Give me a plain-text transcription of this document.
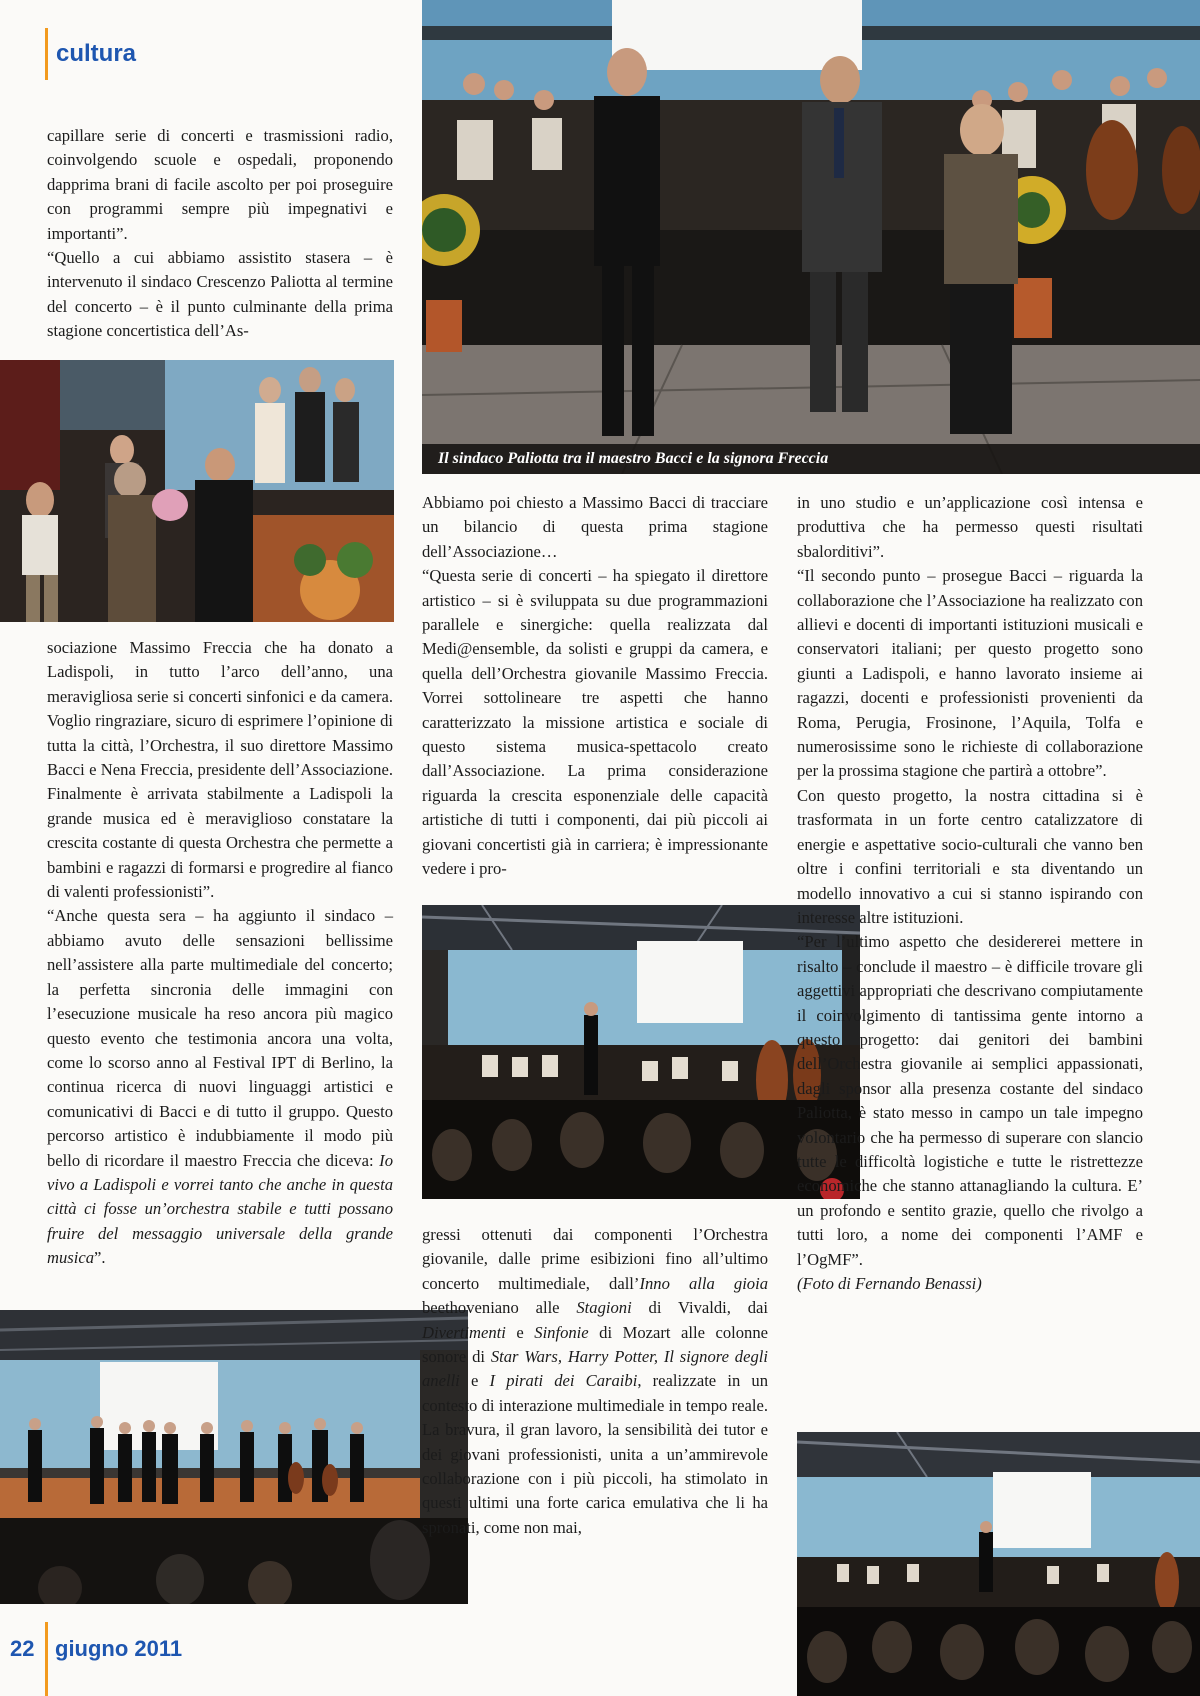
cultura

capillare serie di concerti e trasmissioni radio, coinvolgendo scuole e ospedali, proponendo dapprima brani di facile ascolto per poi proseguire con programmi sempre più impegnativi e importanti”.

“Quello a cui abbiamo assistito stasera – è intervenuto il sindaco Crescenzo Paliotta al termine del concerto – è il punto culminante della prima stagione concertistica dell’As-

sociazione Massimo Freccia che ha donato a Ladispoli, in tutto l’arco dell’anno, una meravigliosa serie si concerti sinfonici e da camera. Voglio ringraziare, sicuro di esprimere l’opinione di tutta la città, l’Orchestra, il suo direttore Massimo Bacci e Nena Freccia, presidente dell’Associazione. Finalmente è arrivata stabilmente a Ladispoli la grande musica ed è meraviglioso constatare la crescita costante di questa Orchestra che permette a bambini e ragazzi di formarsi e progredire al fianco di valenti professionisti”.

“Anche questa sera – ha aggiunto il sindaco – abbiamo avuto delle sensazioni bellissime nell’assistere alla parte multimediale del concerto; la perfetta sincronia delle immagini con l’esecuzione musicale ha reso ancora più magico questo evento che testimonia ancora una volta, come lo scorso anno al Festival IPT di Berlino, la continua ricerca di nuovi linguaggi artistici e comunicativi di Bacci e di tutto il gruppo. Questo percorso artistico è indubbiamente il modo più bello di ricordare il maestro Freccia che diceva: Io vivo a Ladispoli e vorrei tanto che anche in questa città ci fosse un’orchestra stabile e tutti possano fruire del messaggio universale della grande musica”.

Il sindaco Paliotta tra il maestro Bacci e la signora Freccia

Abbiamo poi chiesto a Massimo Bacci di tracciare un bilancio di questa prima stagione dell’Associazione…

“Questa serie di concerti – ha spiegato il direttore artistico – si è sviluppata su due programmazioni parallele e sinergiche: quella realizzata dal Medi@ensemble, da solisti e gruppi da camera, e quella dell’Orchestra giovanile Massimo Freccia. Vorrei sottolineare tre aspetti che hanno caratterizzato la missione artistica e sociale di questo sistema musica-spettacolo creato dall’Associazione. La prima considerazione riguarda la crescita esponenziale delle capacità artistiche di tutti i componenti, dai più piccoli ai giovani concertisti già in carriera; è impressionante vedere i pro-

gressi ottenuti dai componenti l’Orchestra giovanile, dalle prime esibizioni fino all’ultimo concerto multimediale, dall’Inno alla gioia beethoveniano alle Stagioni di Vivaldi, dai Divertimenti e Sinfonie di Mozart alle colonne sonore di Star Wars, Harry Potter, Il signore degli anelli e I pirati dei Caraibi, realizzate in un contesto di interazione multimediale in tempo reale. La bravura, il gran lavoro, la sensibilità dei tutor e dei giovani professionisti, unita a un’ammirevole collaborazione con i più piccoli, ha stimolato in questi ultimi una forte carica emulativa che li ha spronati, come non mai,

in uno studio e un’applicazione così intensa e produttiva che ha permesso questi risultati sbalorditivi”.

“Il secondo punto – prosegue Bacci – riguarda la collaborazione che l’Associazione ha realizzato con allievi e docenti di importanti istituzioni musicali e conservatori italiani; per questo progetto sono giunti a Ladispoli, e hanno lavorato insieme ai ragazzi, docenti e professionisti provenienti da Roma, Perugia, Frosinone, l’Aquila, Tolfa e numerosissime sono le richieste di collaborazione per la prossima stagione che partirà a ottobre”.

Con questo progetto, la nostra cittadina si è trasformata in un forte centro catalizzatore di energie e aspettative socio-culturali che vanno ben oltre i confini territoriali e sta diventando un modello innovativo a cui si stanno ispirando con interesse altre istituzioni.

“Per l’ultimo aspetto che desidererei mettere in risalto – conclude il maestro – è difficile trovare gli aggettivi appropriati che descrivano compiutamente il coinvolgimento di tantissima gente intorno a questo progetto: dai genitori dei bambini dell’Orchestra giovanile ai semplici appassionati, dagli sponsor alla presenza costante del sindaco Paliotta, è stato messo in campo un tale impegno volontario che ha permesso di superare con slancio tutte le difficoltà logistiche e tutte le ristrettezze economiche che stanno attanagliando la cultura. E’ un profondo e sentito grazie, quello che rivolgo a tutti loro, a nome dei componenti l’AMF e l’OgMF”.

(Foto di Fernando Benassi)

22 giugno 2011
